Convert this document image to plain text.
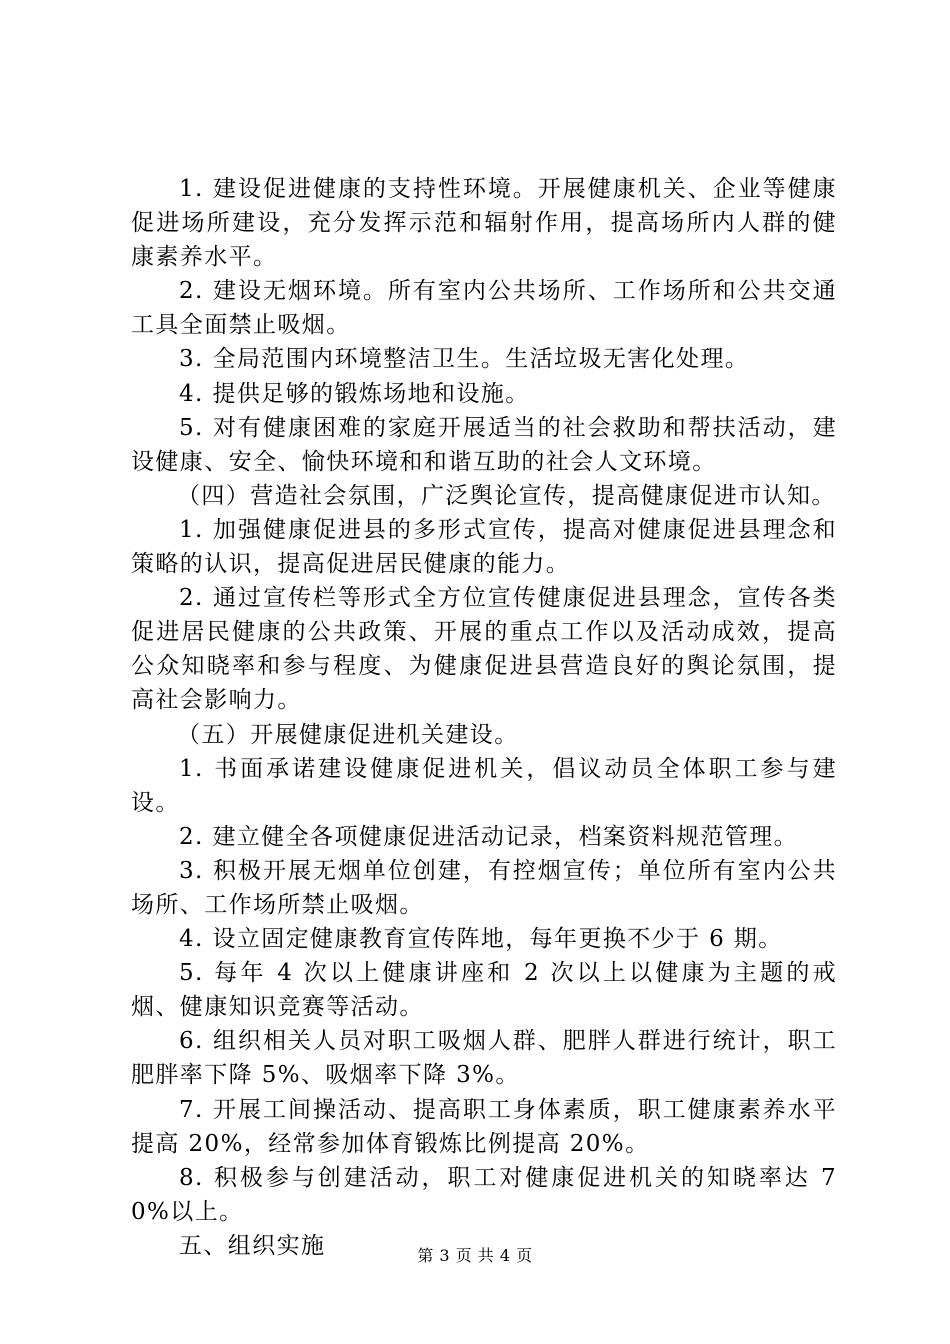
1. 建设促进健康的支持性环境。开展健康机关、企业等健康促进场所建设，充分发挥示范和辐射作用，提高场所内人群的健康素养水平。

2. 建设无烟环境。所有室内公共场所、工作场所和公共交通工具全面禁止吸烟。

3. 全局范围内环境整洁卫生。生活垃圾无害化处理。

4. 提供足够的锻炼场地和设施。

5. 对有健康困难的家庭开展适当的社会救助和帮扶活动，建设健康、安全、愉快环境和和谐互助的社会人文环境。

（四）营造社会氛围，广泛舆论宣传，提高健康促进市认知。

1. 加强健康促进县的多形式宣传，提高对健康促进县理念和策略的认识，提高促进居民健康的能力。

2. 通过宣传栏等形式全方位宣传健康促进县理念，宣传各类促进居民健康的公共政策、开展的重点工作以及活动成效，提高公众知晓率和参与程度、为健康促进县营造良好的舆论氛围，提高社会影响力。

（五）开展健康促进机关建设。

1. 书面承诺建设健康促进机关，倡议动员全体职工参与建设。

2. 建立健全各项健康促进活动记录，档案资料规范管理。

3. 积极开展无烟单位创建，有控烟宣传；单位所有室内公共场所、工作场所禁止吸烟。

4. 设立固定健康教育宣传阵地，每年更换不少于 6 期。

5. 每年 4 次以上健康讲座和 2 次以上以健康为主题的戒烟、健康知识竞赛等活动。

6. 组织相关人员对职工吸烟人群、肥胖人群进行统计，职工肥胖率下降 5%、吸烟率下降 3%。

7. 开展工间操活动、提高职工身体素质，职工健康素养水平提高 20%，经常参加体育锻炼比例提高 20%。

8. 积极参与创建活动，职工对健康促进机关的知晓率达 70%以上。

五、组织实施	第 3 页 共 4 页
